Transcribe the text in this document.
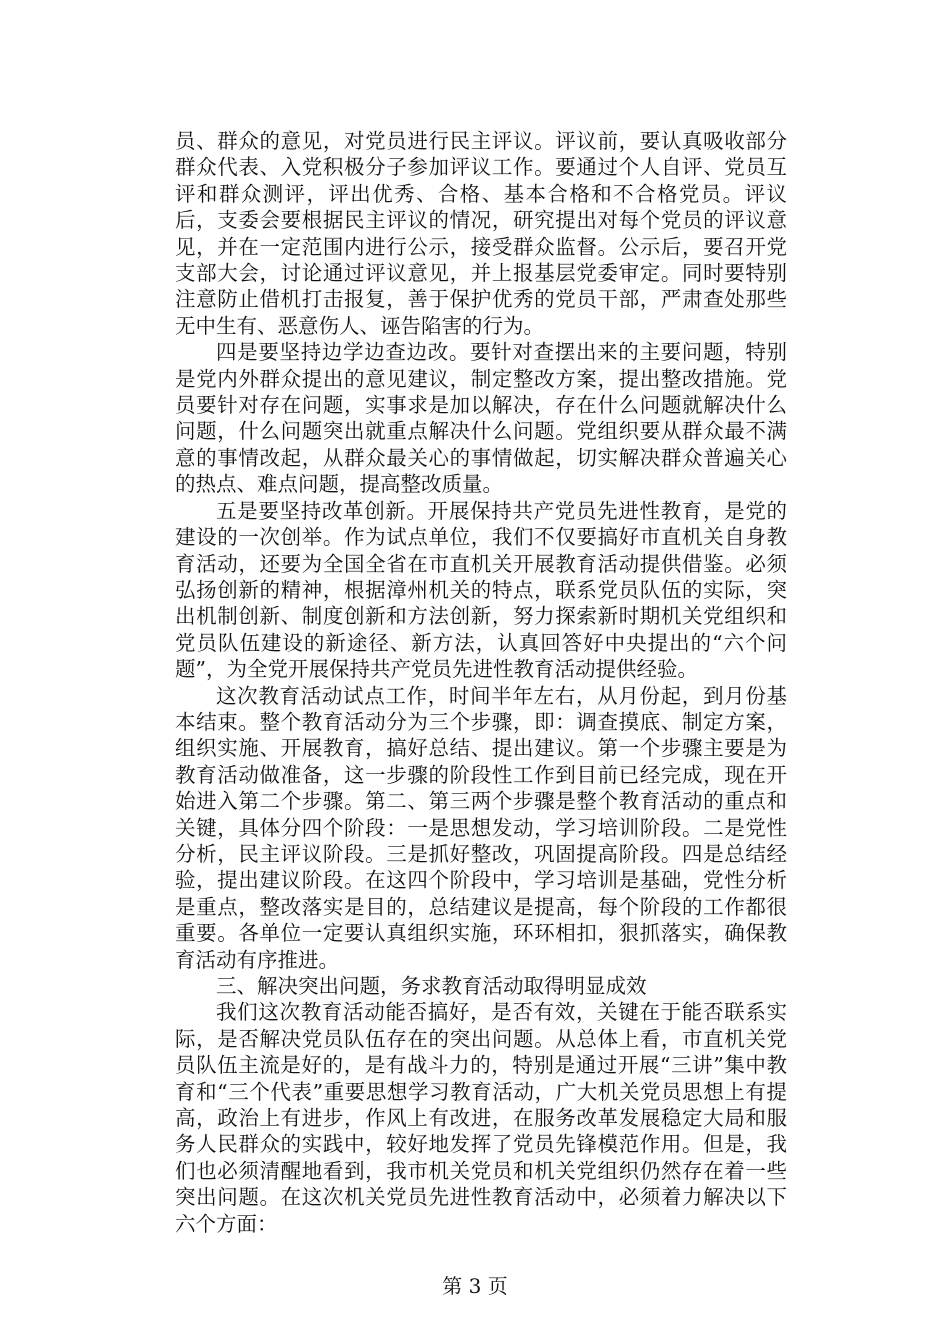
员、群众的意见，对党员进行民主评议。评议前，要认真吸收部分群众代表、入党积极分子参加评议工作。要通过个人自评、党员互评和群众测评，评出优秀、合格、基本合格和不合格党员。评议后，支委会要根据民主评议的情况，研究提出对每个党员的评议意见，并在一定范围内进行公示，接受群众监督。公示后，要召开党支部大会，讨论通过评议意见，并上报基层党委审定。同时要特别注意防止借机打击报复，善于保护优秀的党员干部，严肃查处那些无中生有、恶意伤人、诬告陷害的行为。

四是要坚持边学边查边改。要针对查摆出来的主要问题，特别是党内外群众提出的意见建议，制定整改方案，提出整改措施。党员要针对存在问题，实事求是加以解决，存在什么问题就解决什么问题，什么问题突出就重点解决什么问题。党组织要从群众最不满意的事情改起，从群众最关心的事情做起，切实解决群众普遍关心的热点、难点问题，提高整改质量。

五是要坚持改革创新。开展保持共产党员先进性教育，是党的建设的一次创举。作为试点单位，我们不仅要搞好市直机关自身教育活动，还要为全国全省在市直机关开展教育活动提供借鉴。必须弘扬创新的精神，根据漳州机关的特点，联系党员队伍的实际，突出机制创新、制度创新和方法创新，努力探索新时期机关党组织和党员队伍建设的新途径、新方法，认真回答好中央提出的“六个问题”，为全党开展保持共产党员先进性教育活动提供经验。

这次教育活动试点工作，时间半年左右，从月份起，到月份基本结束。整个教育活动分为三个步骤，即：调查摸底、制定方案，组织实施、开展教育，搞好总结、提出建议。第一个步骤主要是为教育活动做准备，这一步骤的阶段性工作到目前已经完成，现在开始进入第二个步骤。第二、第三两个步骤是整个教育活动的重点和关键，具体分四个阶段：一是思想发动，学习培训阶段。二是党性分析，民主评议阶段。三是抓好整改，巩固提高阶段。四是总结经验，提出建议阶段。在这四个阶段中，学习培训是基础，党性分析是重点，整改落实是目的，总结建议是提高，每个阶段的工作都很重要。各单位一定要认真组织实施，环环相扣，狠抓落实，确保教育活动有序推进。

三、解决突出问题，务求教育活动取得明显成效

我们这次教育活动能否搞好，是否有效，关键在于能否联系实际，是否解决党员队伍存在的突出问题。从总体上看，市直机关党员队伍主流是好的，是有战斗力的，特别是通过开展“三讲”集中教育和“三个代表”重要思想学习教育活动，广大机关党员思想上有提高，政治上有进步，作风上有改进，在服务改革发展稳定大局和服务人民群众的实践中，较好地发挥了党员先锋模范作用。但是，我们也必须清醒地看到，我市机关党员和机关党组织仍然存在着一些突出问题。在这次机关党员先进性教育活动中，必须着力解决以下六个方面：

第 3 页
